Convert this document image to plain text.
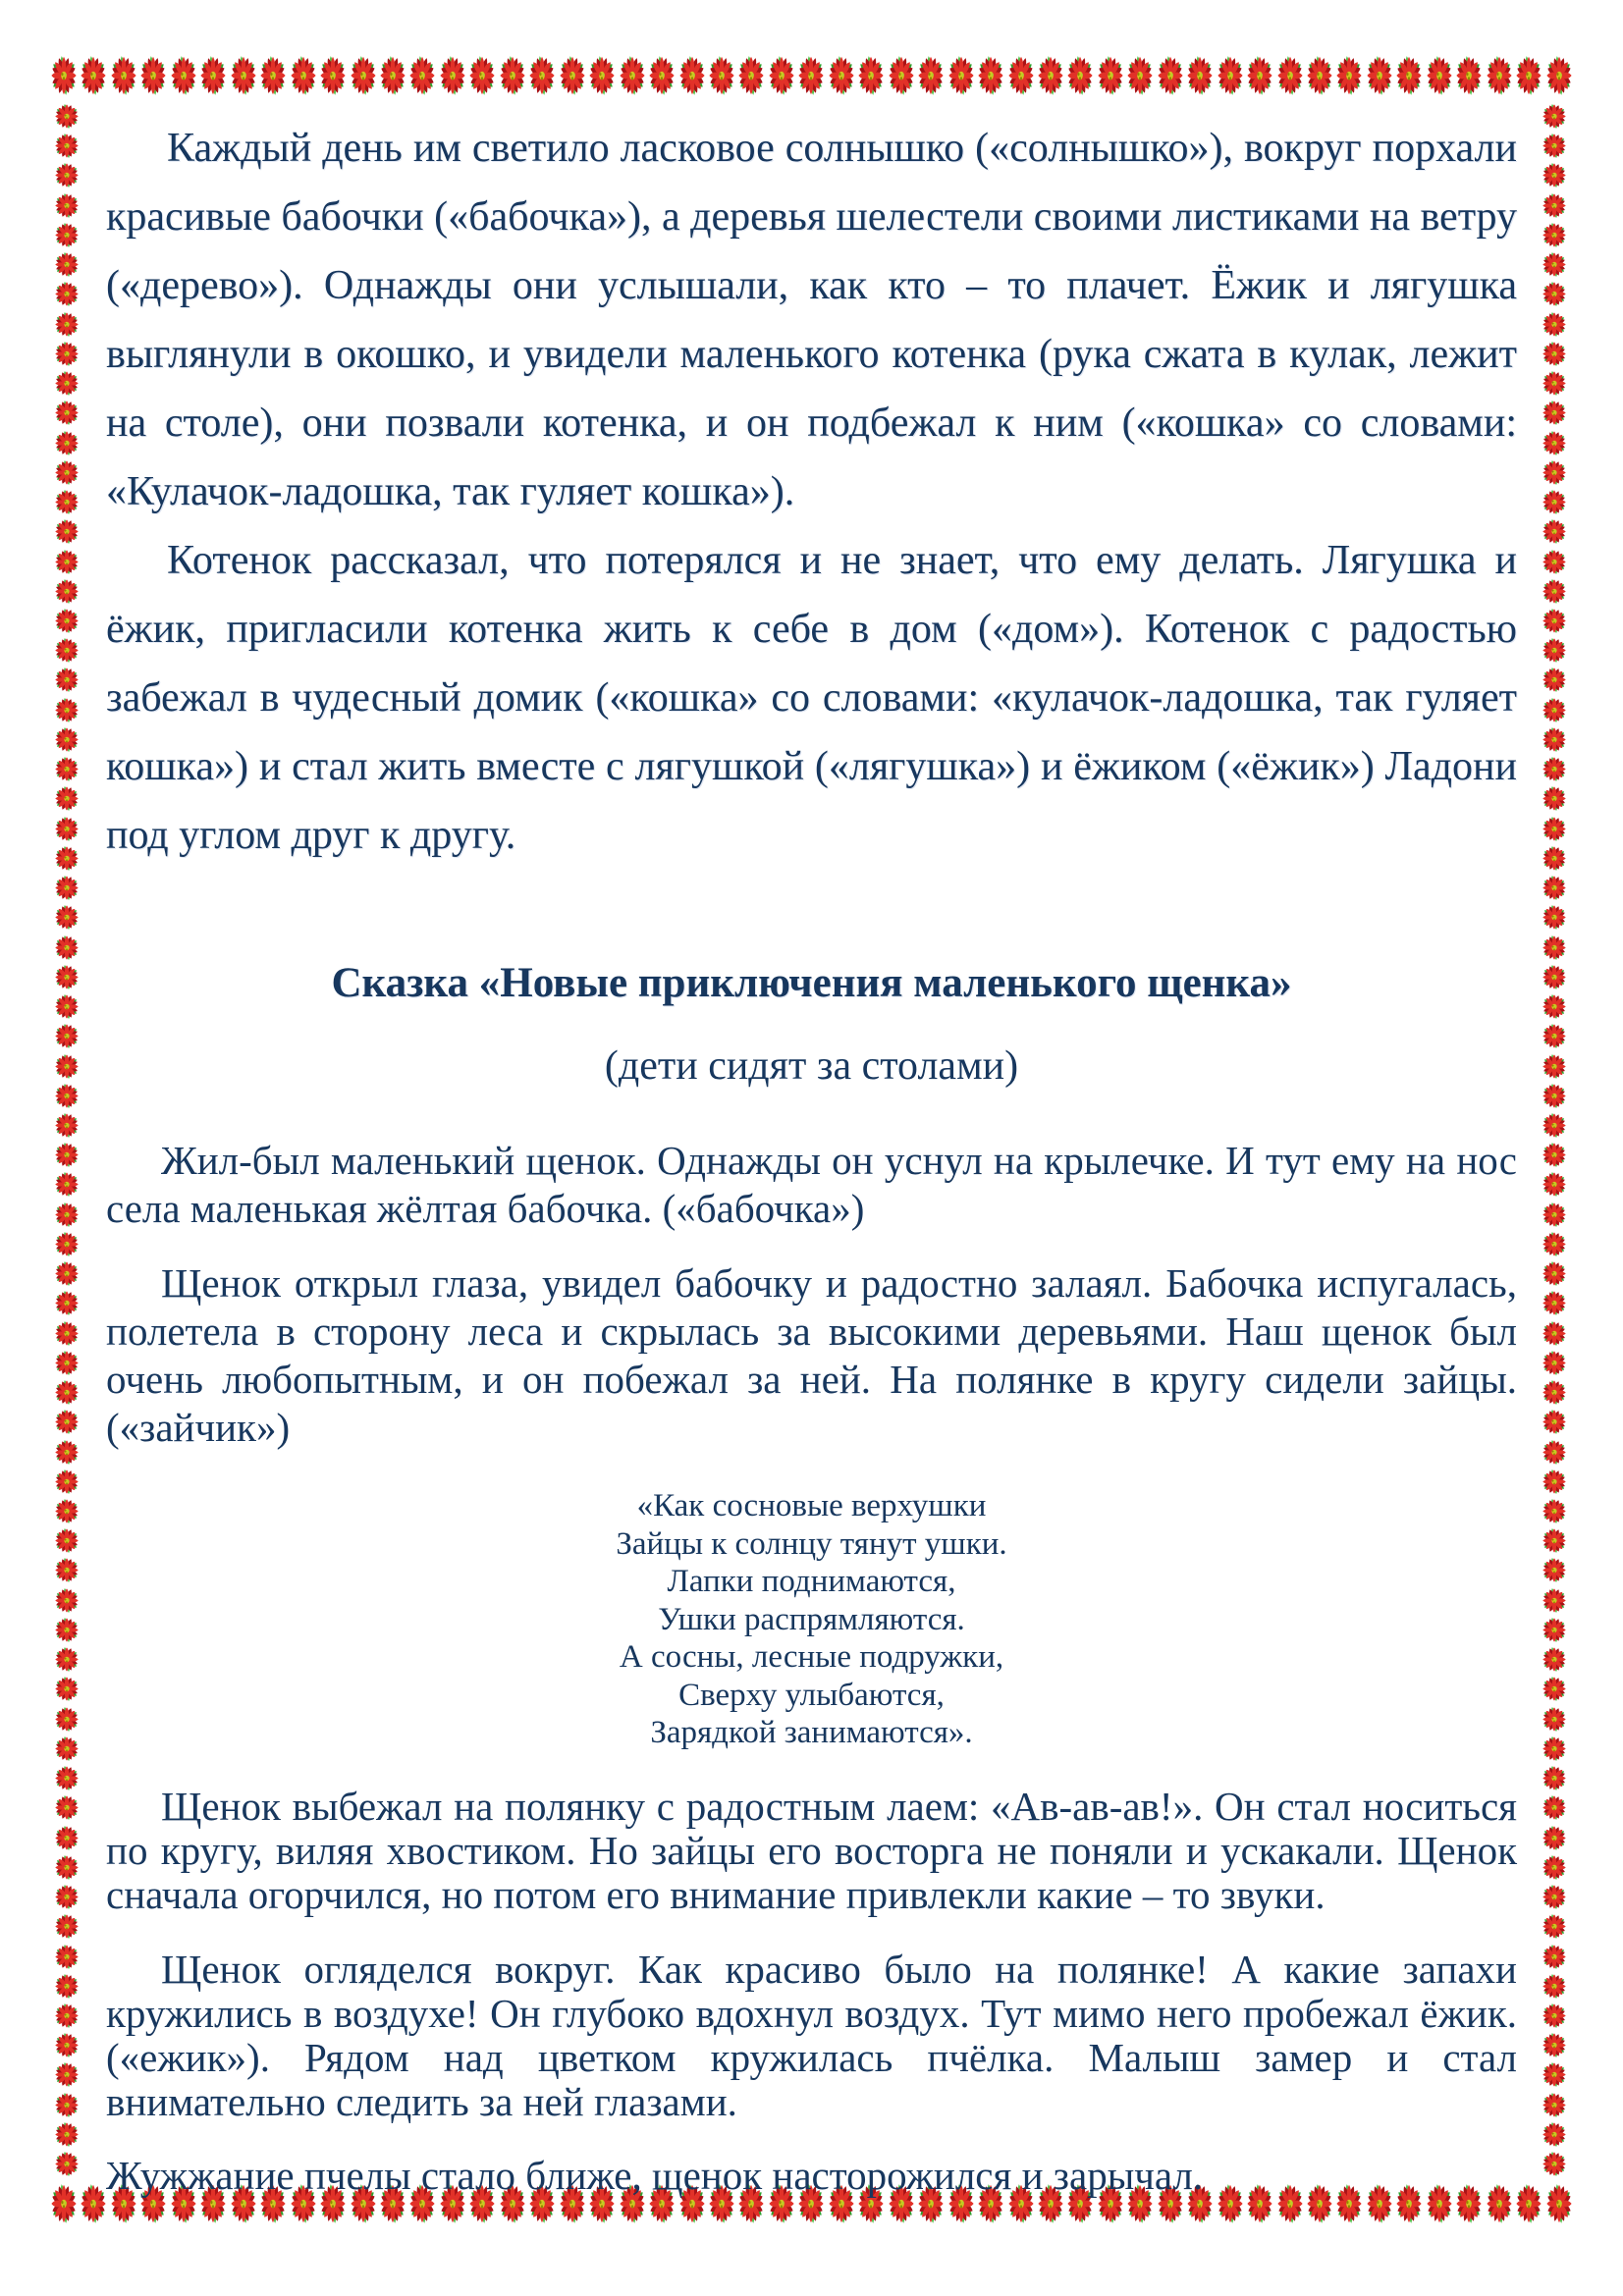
Каждый день им светило ласковое солнышко («солнышко»), вокруг порхали красивые бабочки («бабочка»), а деревья шелестели своими листиками на ветру («дерево»). Однажды они услышали, как кто – то плачет. Ёжик и лягушка выглянули в окошко, и увидели маленького котенка (рука сжата в кулак, лежит на столе), они позвали котенка, и он подбежал к ним («кошка» со словами: «Кулачок-ладошка, так гуляет кошка»).

Котенок рассказал, что потерялся и не знает, что ему делать. Лягушка и ёжик, пригласили котенка жить к себе в дом («дом»). Котенок с радостью забежал в чудесный домик («кошка» со словами: «кулачок-ладошка, так гуляет кошка») и стал жить вместе с лягушкой («лягушка») и ёжиком («ёжик») Ладони под углом друг к другу.

Сказка «Новые приключения маленького щенка»

(дети сидят за столами)

Жил-был маленький щенок. Однажды он уснул на крылечке. И тут ему на нос села маленькая жёлтая бабочка. («бабочка»)

Щенок открыл глаза, увидел бабочку и радостно залаял. Бабочка испугалась, полетела в сторону леса и скрылась за высокими деревьями. Наш щенок был очень любопытным, и он побежал за ней. На полянке в кругу сидели зайцы. («зайчик»)

«Как сосновые верхушки
Зайцы к солнцу тянут ушки.
Лапки поднимаются,
Ушки распрямляются.
А сосны, лесные подружки,
Сверху улыбаются,
Зарядкой занимаются».

Щенок выбежал на полянку с радостным лаем: «Ав-ав-ав!». Он стал носиться по кругу, виляя хвостиком. Но зайцы его восторга не поняли и ускакали. Щенок сначала огорчился, но потом его внимание привлекли какие – то звуки.

Щенок огляделся вокруг. Как красиво было на полянке! А какие запахи кружились в воздухе! Он глубоко вдохнул воздух. Тут мимо него пробежал ёжик. («ежик»). Рядом над цветком кружилась пчёлка. Малыш замер и стал внимательно следить за ней глазами.

Жужжание пчелы стало ближе, щенок насторожился и зарычал.
